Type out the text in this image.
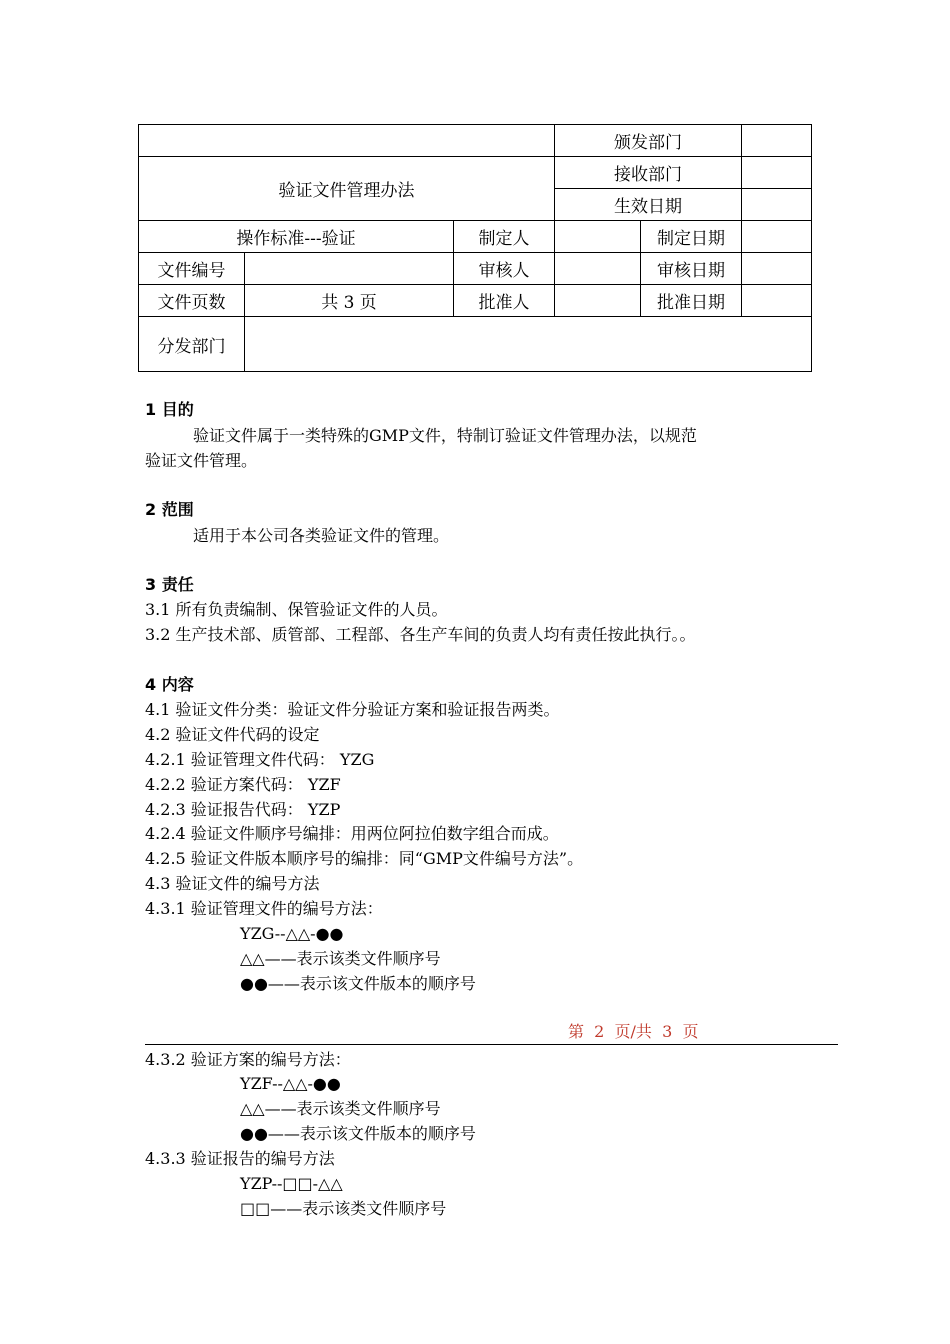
			颁发部门		
验证文件管理办法			接收部门		
			生效日期		
操作标准---验证		制定人		制定日期	
文件编号		审核人		审核日期	
文件页数	共 3 页	批准人		批准日期	
分发部门					
1 目的
　　　验证文件属于一类特殊的GMP文件，特制订验证文件管理办法，以规范
验证文件管理。
2 范围
　　　适用于本公司各类验证文件的管理。
3 责任
3.1 所有负责编制、保管验证文件的人员。
3.2 生产技术部、质管部、工程部、各生产车间的负责人均有责任按此执行。。
4 内容
4.1 验证文件分类：验证文件分验证方案和验证报告两类。
4.2 验证文件代码的设定
4.2.1 验证管理文件代码： YZG
4.2.2 验证方案代码： YZF
4.2.3 验证报告代码： YZP
4.2.4 验证文件顺序号编排：用两位阿拉伯数字组合而成。
4.2.5 验证文件版本顺序号的编排：同“GMP文件编号方法”。
4.3 验证文件的编号方法
4.3.1 验证管理文件的编号方法：
YZG--△△-●●
△△——表示该类文件顺序号
●●——表示该文件版本的顺序号
第  2  页/共  3  页
4.3.2 验证方案的编号方法：
YZF--△△-●●
△△——表示该类文件顺序号
●●——表示该文件版本的顺序号
4.3.3 验证报告的编号方法
YZP--□□-△△
□□——表示该类文件顺序号
